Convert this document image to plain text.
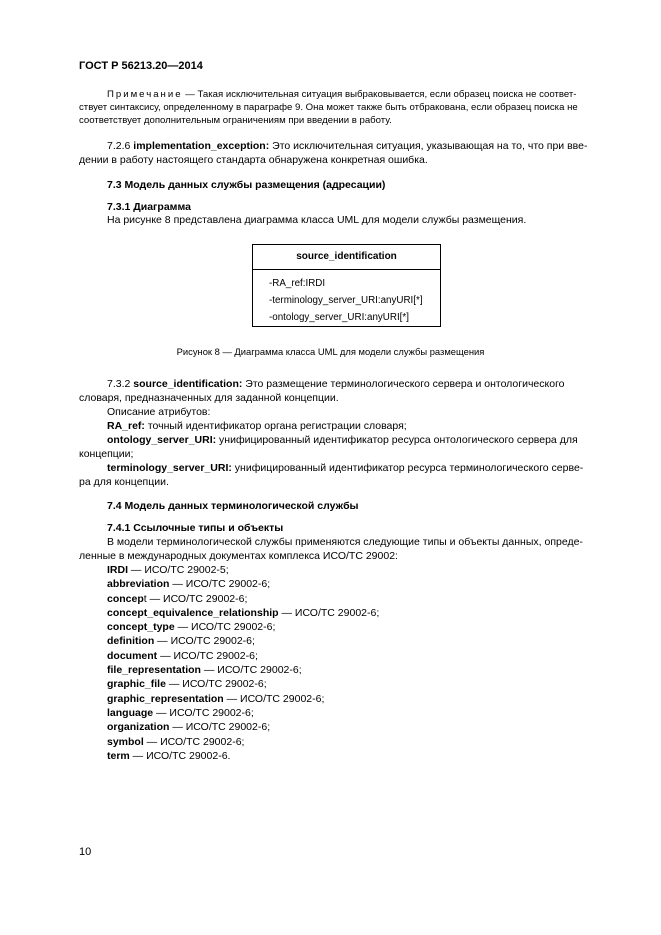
ГОСТ Р 56213.20—2014
Примечание — Такая исключительная ситуация выбраковывается, если образец поиска не соответ-
ствует синтаксису, определенному в параграфе 9. Она может также быть отбракована, если образец поиска не
соответствует дополнительным ограничениям при введении в работу.
7.2.6 implementation_exception: Это исключительная ситуация, указывающая на то, что при вве-
дении в работу настоящего стандарта обнаружена конкретная ошибка.
7.3 Модель данных службы размещения (адресации)
7.3.1 Диаграмма
На рисунке 8 представлена диаграмма класса UML для модели службы размещения.
source_identification
-RA_ref:IRDI
-terminology_server_URI:anyURI[*]
-ontology_server_URI:anyURI[*]
Рисунок 8 — Диаграмма класса UML для модели службы размещения
7.3.2 source_identification: Это размещение терминологического сервера и онтологического
словаря, предназначенных для заданной концепции.
Описание атрибутов:
RA_ref: точный идентификатор органа регистрации словаря;
ontology_server_URI: унифицированный идентификатор ресурса онтологического сервера для
концепции;
terminology_server_URI: унифицированный идентификатор ресурса терминологического серве-
ра для концепции.
7.4 Модель данных терминологической службы
7.4.1 Ссылочные типы и объекты
В модели терминологической службы применяются следующие типы и объекты данных, опреде-
ленные в международных документах комплекса ИСО/ТС 29002:
IRDI — ИСО/ТС 29002-5;
abbreviation — ИСО/ТС 29002-6;
concept — ИСО/ТС 29002-6;
concept_equivalence_relationship — ИСО/ТС 29002-6;
concept_type — ИСО/ТС 29002-6;
definition — ИСО/ТС 29002-6;
document — ИСО/ТС 29002-6;
file_representation — ИСО/ТС 29002-6;
graphic_file — ИСО/ТС 29002-6;
graphic_representation — ИСО/ТС 29002-6;
language — ИСО/ТС 29002-6;
organization — ИСО/ТС 29002-6;
symbol — ИСО/ТС 29002-6;
term — ИСО/ТС 29002-6.
10
